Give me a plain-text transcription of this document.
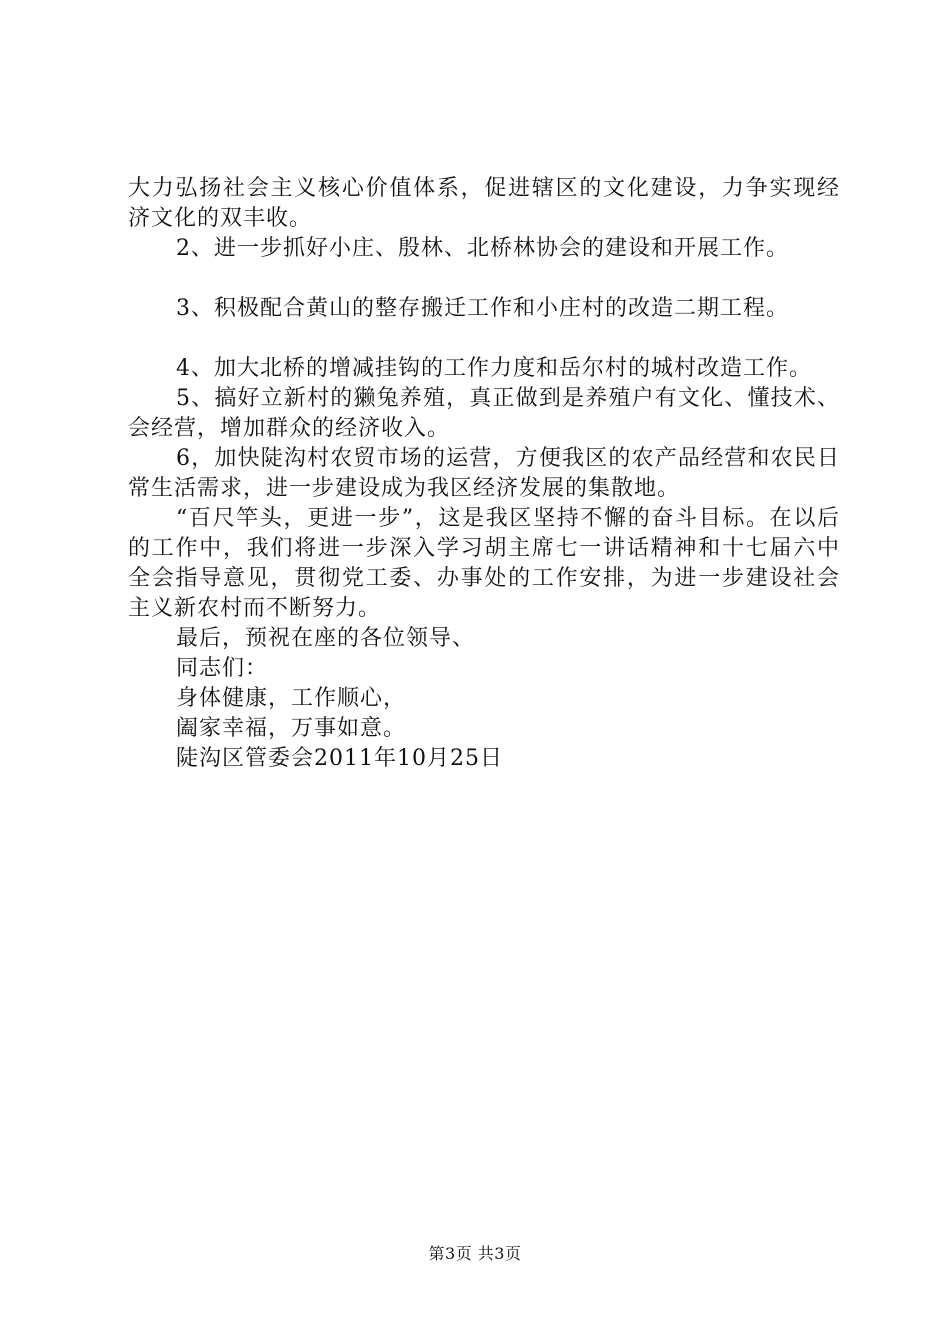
大力弘扬社会主义核心价值体系，促进辖区的文化建设，力争实现经济文化的双丰收。

2、进一步抓好小庄、殷林、北桥林协会的建设和开展工作。

3、积极配合黄山的整存搬迁工作和小庄村的改造二期工程。

4、加大北桥的增减挂钩的工作力度和岳尔村的城村改造工作。

5、搞好立新村的獭兔养殖，真正做到是养殖户有文化、懂技术、会经营，增加群众的经济收入。

6，加快陡沟村农贸市场的运营，方便我区的农产品经营和农民日常生活需求，进一步建设成为我区经济发展的集散地。

“百尺竿头，更进一步”，这是我区坚持不懈的奋斗目标。在以后的工作中，我们将进一步深入学习胡主席七一讲话精神和十七届六中全会指导意见，贯彻党工委、办事处的工作安排，为进一步建设社会主义新农村而不断努力。

最后，预祝在座的各位领导、

同志们：

身体健康，工作顺心，

阖家幸福，万事如意。

陡沟区管委会2011年10月25日

第3页 共3页
